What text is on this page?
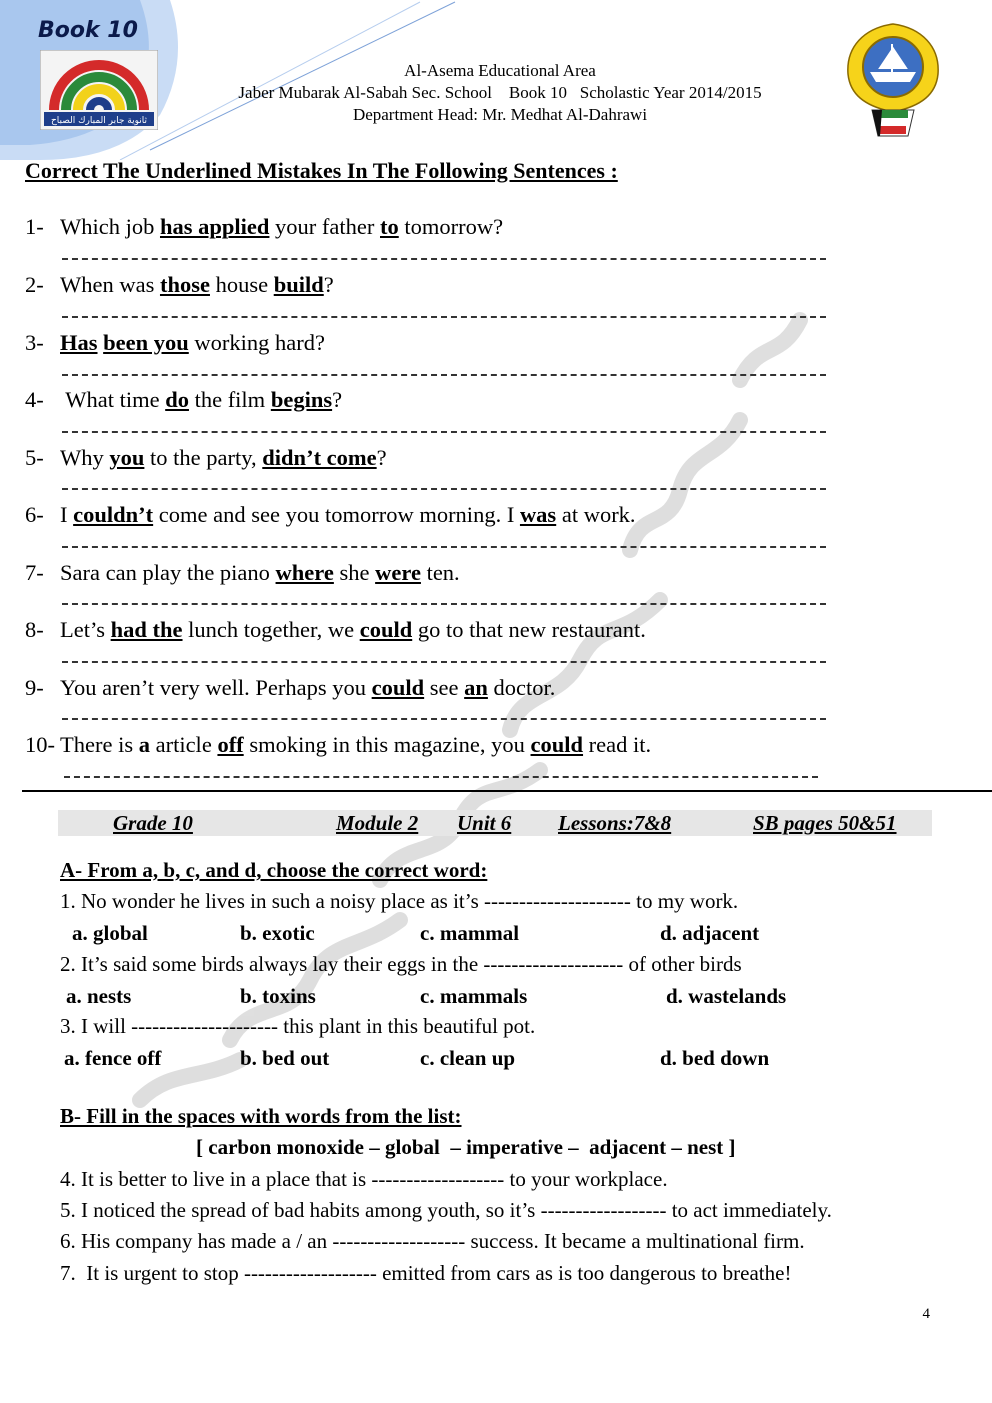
Book 10
ثانوية جابر المبارك الصباح
Al-Asema Educational Area
Jaber Mubarak Al-Sabah Sec. School    Book 10   Scholastic Year 2014/2015
Department Head: Mr. Medhat Al-Dahrawi
Correct The Underlined Mistakes In The Following Sentences :
1- Which job has applied your father to tomorrow?
2- When was those house build?
3- Has been you working hard?
4- What time do the film begins?
5- Why you to the party, didn’t come?
6- I couldn’t come and see you tomorrow morning. I was at work.
7- Sara can play the piano where she were ten.
8- Let’s had the lunch together, we could go to that new restaurant.
9- You aren’t very well. Perhaps you could see an doctor.
10- There is a article off smoking in this magazine, you could read it.
Grade 10	Module 2 Unit 6 Lessons:7&8	SB pages 50&51
A- From a, b, c, and d, choose the correct word:
1. No wonder he lives in such a noisy place as it’s --------------------- to my work.
a. global	b. exotic	c. mammal	d. adjacent
2. It’s said some birds always lay their eggs in the -------------------- of other birds
a. nests	b. toxins	c. mammals	d. wastelands
3. I will --------------------- this plant in this beautiful pot.
a. fence off	b. bed out	c. clean up	d. bed down
B- Fill in the spaces with words from the list:
[ carbon monoxide – global  – imperative –  adjacent – nest ]
4. It is better to live in a place that is ------------------- to your workplace.
5. I noticed the spread of bad habits among youth, so it’s ------------------ to act immediately.
6. His company has made a / an ------------------- success. It became a multinational firm.
7.  It is urgent to stop ------------------- emitted from cars as is too dangerous to breathe!
4
